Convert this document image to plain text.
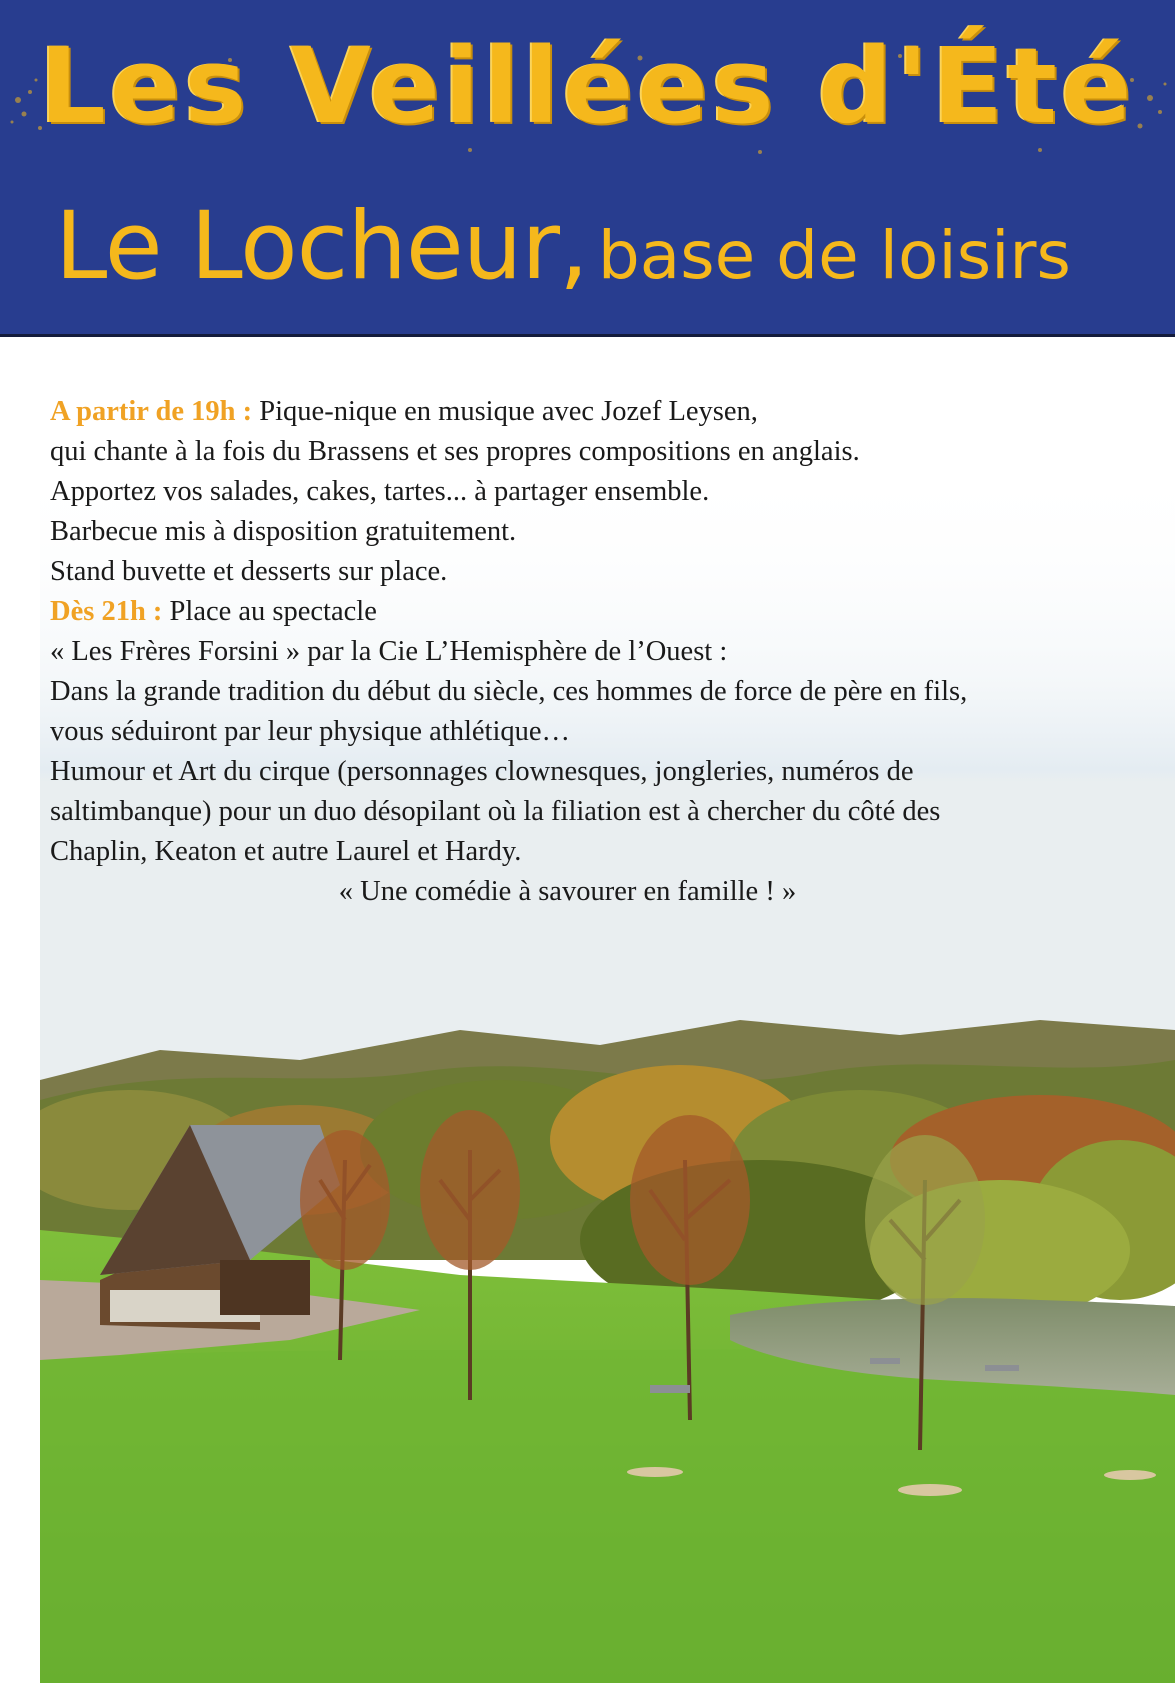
Les Veillées d'Été
Le Locheur, base de loisirs

A partir de 19h : Pique-nique en musique avec Jozef Leysen,

qui chante à la fois du Brassens et ses propres compositions en anglais.

Apportez vos salades, cakes, tartes... à partager ensemble.

Barbecue mis à disposition gratuitement.

Stand buvette et desserts sur place.

Dès 21h : Place au spectacle

« Les Frères Forsini » par la Cie L’Hemisphère de l’Ouest :

Dans la grande tradition du début du siècle, ces hommes de force de père en fils,

vous séduiront par leur physique athlétique…

Humour et Art du cirque (personnages clownesques, jongleries, numéros de

saltimbanque) pour un duo désopilant où la filiation est à chercher du côté des

Chaplin, Keaton et autre Laurel et Hardy.

« Une comédie à savourer en famille ! »
